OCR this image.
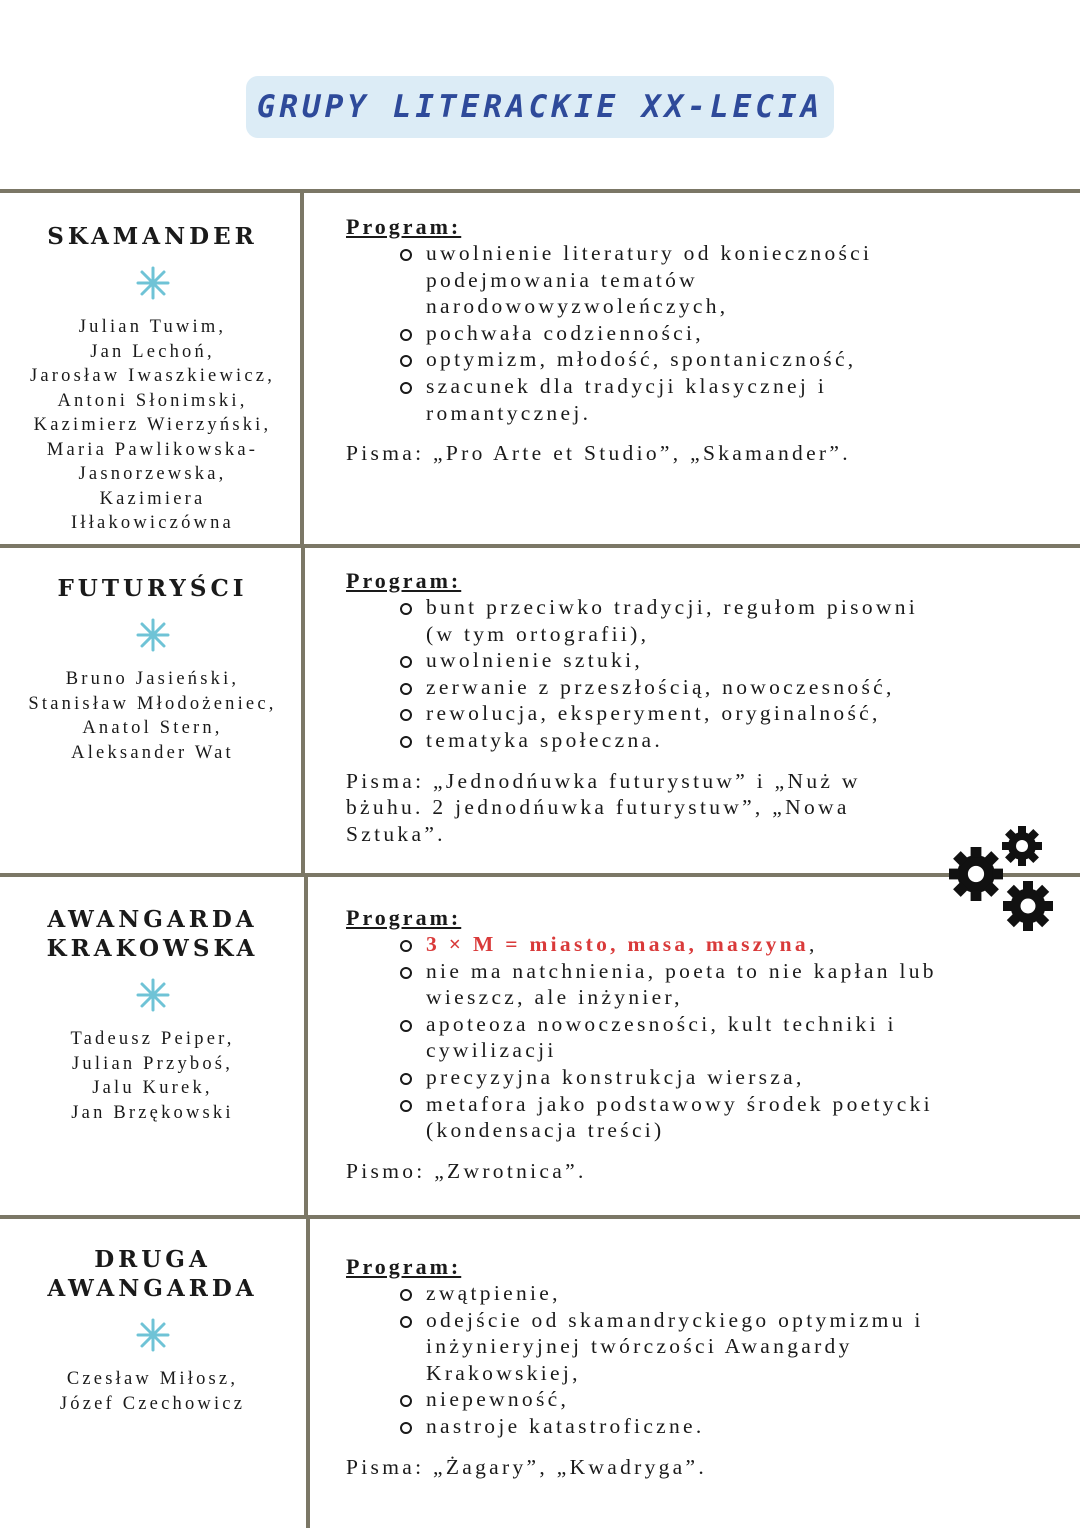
GRUPY LITERACKIE XX-LECIA
SKAMANDER
Julian Tuwim,
Jan Lechoń,
Jarosław Iwaszkiewicz,
Antoni Słonimski,
Kazimierz Wierzyński,
Maria Pawlikowska-
Jasnorzewska,
Kazimiera
Iłłakowiczówna
Program:
uwolnienie literatury od konieczności
podejmowania tematów
narodowowyzwoleńczych,
pochwała codzienności,
optymizm, młodość, spontaniczność,
szacunek dla tradycji klasycznej i
romantycznej.
Pisma: „Pro Arte et Studio”, „Skamander”.
FUTURYŚCI
Bruno Jasieński,
Stanisław Młodożeniec,
Anatol Stern,
Aleksander Wat
Program:
bunt przeciwko tradycji, regułom pisowni
(w tym ortografii),
uwolnienie sztuki,
zerwanie z przeszłością, nowoczesność,
rewolucja, eksperyment, oryginalność,
tematyka społeczna.
Pisma: „Jednodńuwka futurystuw” i „Nuż w
bżuhu. 2 jednodńuwka futurystuw”, „Nowa
Sztuka”.
AWANGARDA
KRAKOWSKA
Tadeusz Peiper,
Julian Przyboś,
Jalu Kurek,
Jan Brzękowski
Program:
3 × M = miasto, masa, maszyna,
nie ma natchnienia, poeta to nie kapłan lub
wieszcz, ale inżynier,
apoteoza nowoczesności, kult techniki i
cywilizacji
precyzyjna konstrukcja wiersza,
metafora jako podstawowy środek poetycki
(kondensacja treści)
Pismo: „Zwrotnica”.
DRUGA
AWANGARDA
Czesław Miłosz,
Józef Czechowicz
Program:
zwątpienie,
odejście od skamandryckiego optymizmu i
inżynieryjnej twórczości Awangardy
Krakowskiej,
niepewność,
nastroje katastroficzne.
Pisma: „Żagary”, „Kwadryga”.
